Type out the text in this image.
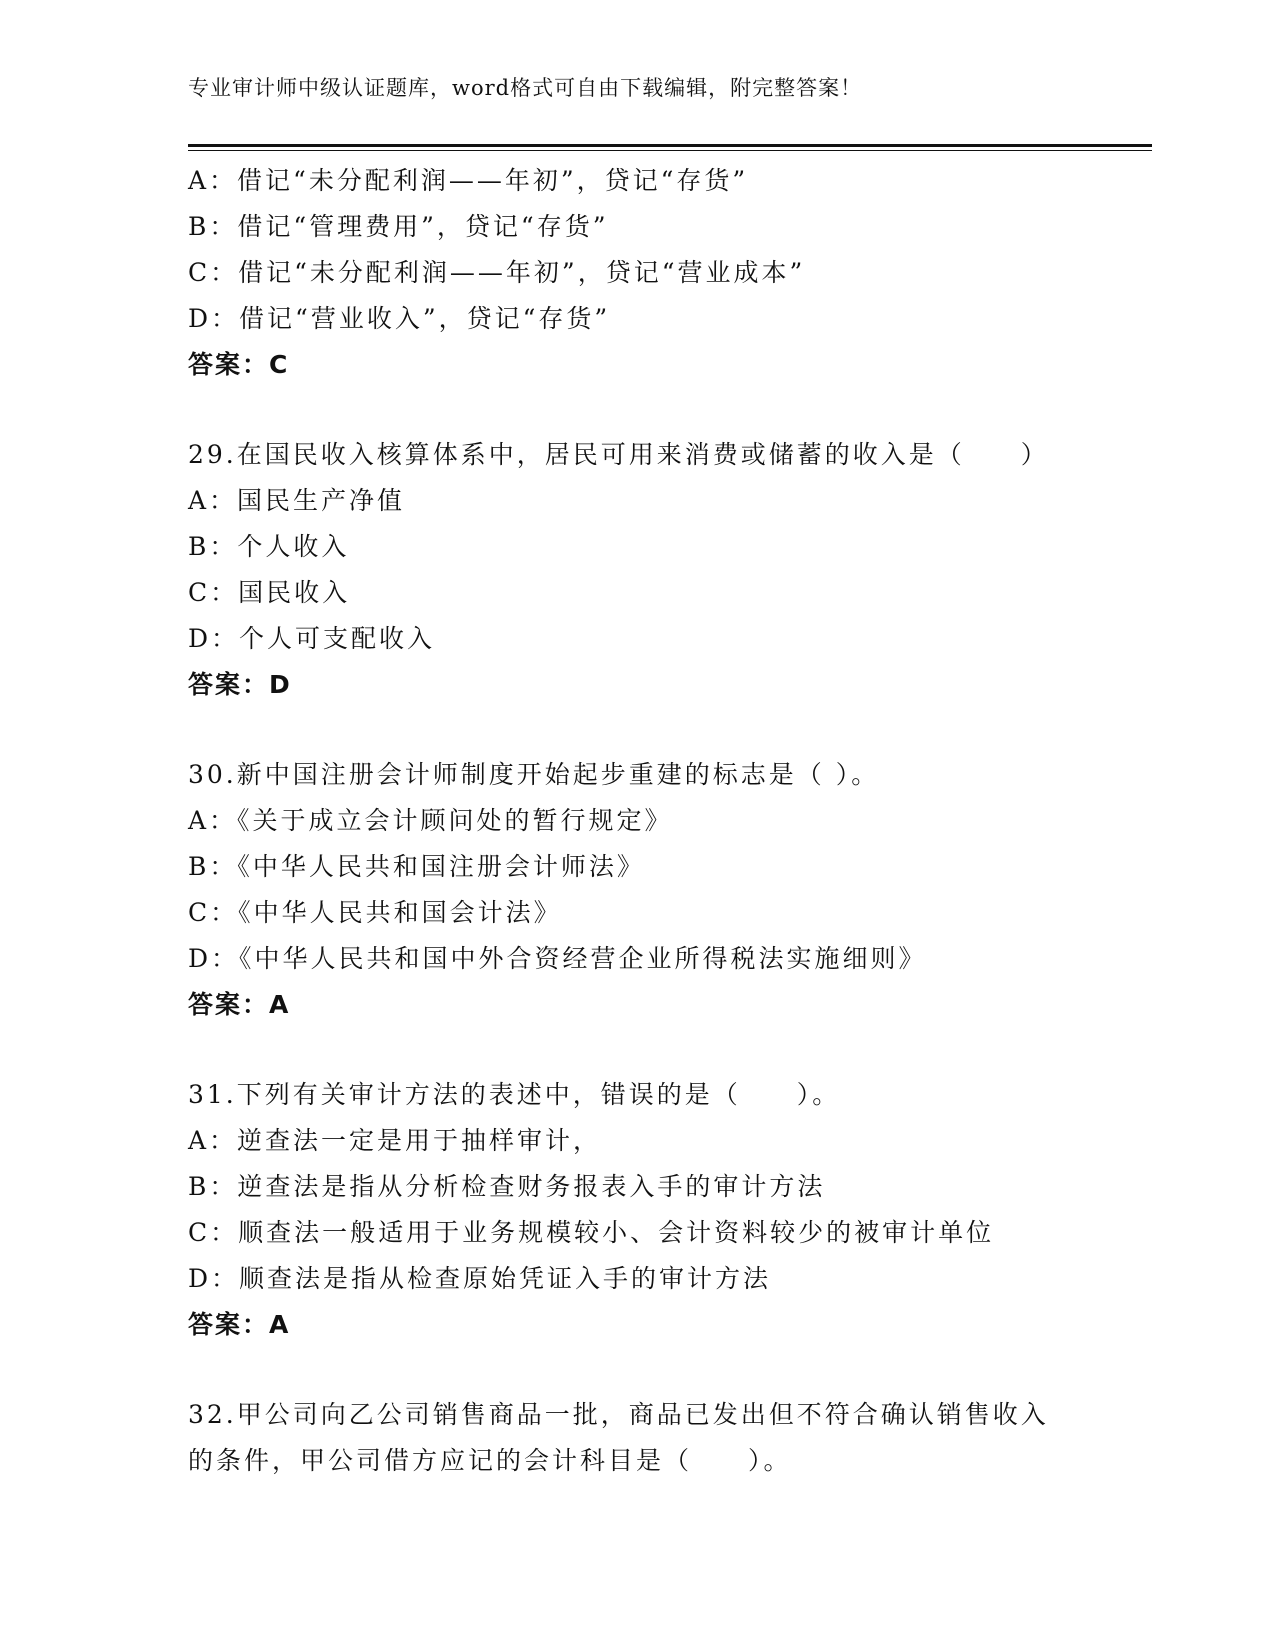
专业审计师中级认证题库，word格式可自由下载编辑，附完整答案！
A：借记“未分配利润——年初”，贷记“存货”
B：借记“管理费用”，贷记“存货”
C：借记“未分配利润——年初”，贷记“营业成本”
D：借记“营业收入”，贷记“存货”
答案：C
29.在国民收入核算体系中，居民可用来消费或储蓄的收入是（　　）
A：国民生产净值
B：个人收入
C：国民收入
D：个人可支配收入
答案：D
30.新中国注册会计师制度开始起步重建的标志是（ ）。
A：《关于成立会计顾问处的暂行规定》
B：《中华人民共和国注册会计师法》
C：《中华人民共和国会计法》
D：《中华人民共和国中外合资经营企业所得税法实施细则》
答案：A
31.下列有关审计方法的表述中，错误的是（　　）。
A：逆查法一定是用于抽样审计，
B：逆查法是指从分析检查财务报表入手的审计方法
C：顺查法一般适用于业务规模较小、会计资料较少的被审计单位
D：顺查法是指从检查原始凭证入手的审计方法
答案：A
32.甲公司向乙公司销售商品一批，商品已发出但不符合确认销售收入
的条件，甲公司借方应记的会计科目是（　　）。
